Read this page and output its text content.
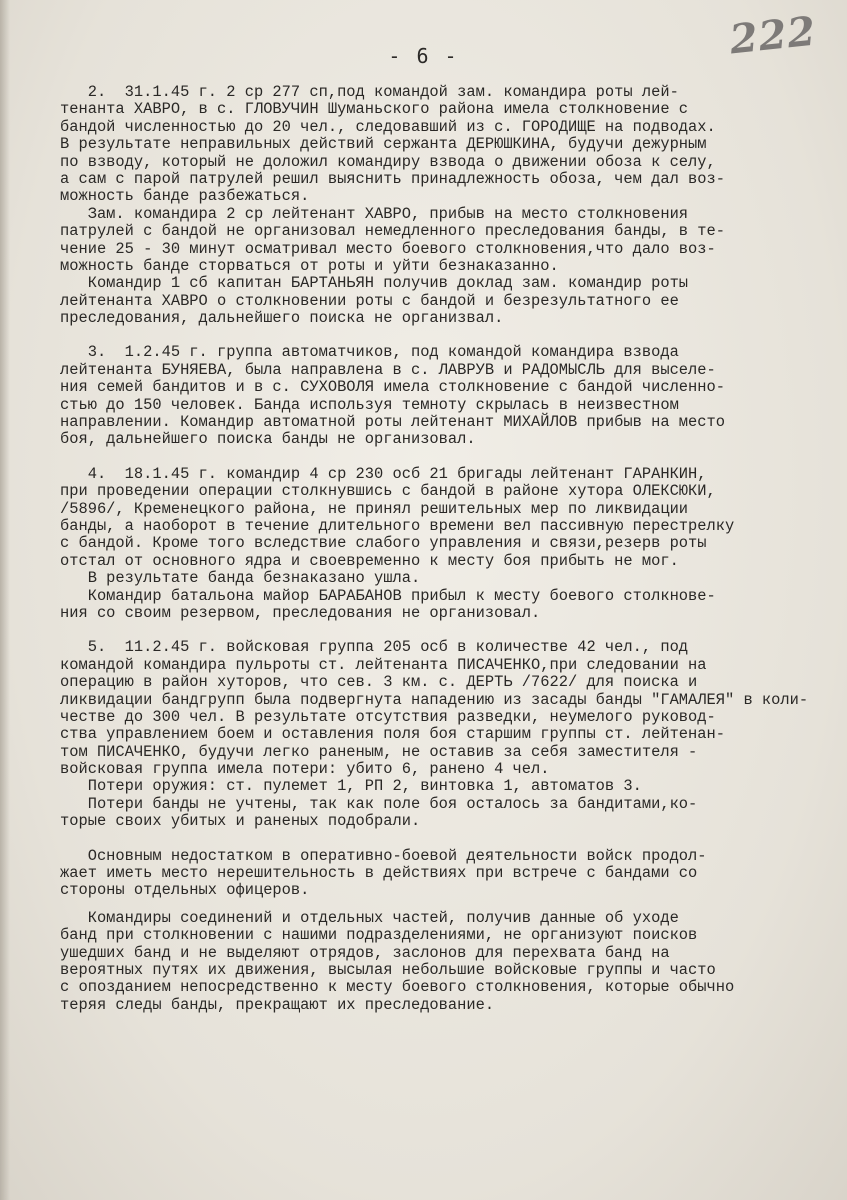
222
- 6 -
2.  31.1.45 г. 2 ср 277 сп,под командой зам. командира роты лей-
тенанта ХАВРО, в с. ГЛОВУЧИН Шуманьского района имела столкновение с
бандой численностью до 20 чел., следовавший из с. ГОРОДИЩЕ на подводах.
В результате неправильных действий сержанта ДЕРЮШКИНА, будучи дежурным
по взводу, который не доложил командиру взвода о движении обоза к селу,
а сам с парой патрулей решил выяснить принадлежность обоза, чем дал воз-
можность банде разбежаться.
Зам. командира 2 ср лейтенант ХАВРО, прибыв на место столкновения
патрулей с бандой не организовал немедленного преследования банды, в те-
чение 25 - 30 минут осматривал место боевого столкновения,что дало воз-
можность банде сторваться от роты и уйти безнаказанно.
Командир 1 сб капитан БАРТАНЬЯН получив доклад зам. командир роты
лейтенанта ХАВРО о столкновении роты с бандой и безрезультатного ее
преследования, дальнейшего поиска не организвал.
3.  1.2.45 г. группа автоматчиков, под командой командира взвода
лейтенанта БУНЯЕВА, была направлена в с. ЛАВРУВ и РАДОМЫСЛЬ для выселе-
ния семей бандитов и в с. СУХОВОЛЯ имела столкновение с бандой численно-
стью до 150 человек. Банда используя темноту скрылась в неизвестном
направлении. Командир автоматной роты лейтенант МИХАЙЛОВ прибыв на место
боя, дальнейшего поиска банды не организовал.
4.  18.1.45 г. командир 4 ср 230 осб 21 бригады лейтенант ГАРАНКИН,
при проведении операции столкнувшись с бандой в районе хутора ОЛЕКСЮКИ,
/5896/, Кременецкого района, не принял решительных мер по ликвидации
банды, а наоборот в течение длительного времени вел пассивную перестрелку
с бандой. Кроме того вследствие слабого управления и связи,резерв роты
отстал от основного ядра и своевременно к месту боя прибыть не мог.
В результате банда безнаказано ушла.
Командир батальона майор БАРАБАНОВ прибыл к месту боевого столкнове-
ния со своим резервом, преследования не организовал.
5.  11.2.45 г. войсковая группа 205 осб в количестве 42 чел., под
командой командира пульроты ст. лейтенанта ПИСАЧЕНКО,при следовании на
операцию в район хуторов, что сев. 3 км. с. ДЕРТЬ /7622/ для поиска и
ликвидации бандгрупп была подвергнута нападению из засады банды "ГАМАЛЕЯ" в коли-
честве до 300 чел. В результате отсутствия разведки, неумелого руковод-
ства управлением боем и оставления поля боя старшим группы ст. лейтенан-
том ПИСАЧЕНКО, будучи легко раненым, не оставив за себя заместителя -
войсковая группа имела потери: убито 6, ранено 4 чел.
Потери оружия: ст. пулемет 1, РП 2, винтовка 1, автоматов 3.
Потери банды не учтены, так как поле боя осталось за бандитами,ко-
торые своих убитых и раненых подобрали.
Основным недостатком в оперативно-боевой деятельности войск продол-
жает иметь место нерешительность в действиях при встрече с бандами со
стороны отдельных офицеров.
Командиры соединений и отдельных частей, получив данные об уходе
банд при столкновении с нашими подразделениями, не организуют поисков
ушедших банд и не выделяют отрядов, заслонов для перехвата банд на
вероятных путях их движения, высылая небольшие войсковые группы и часто
с опозданием непосредственно к месту боевого столкновения, которые обычно
теряя следы банды, прекращают их преследование.
